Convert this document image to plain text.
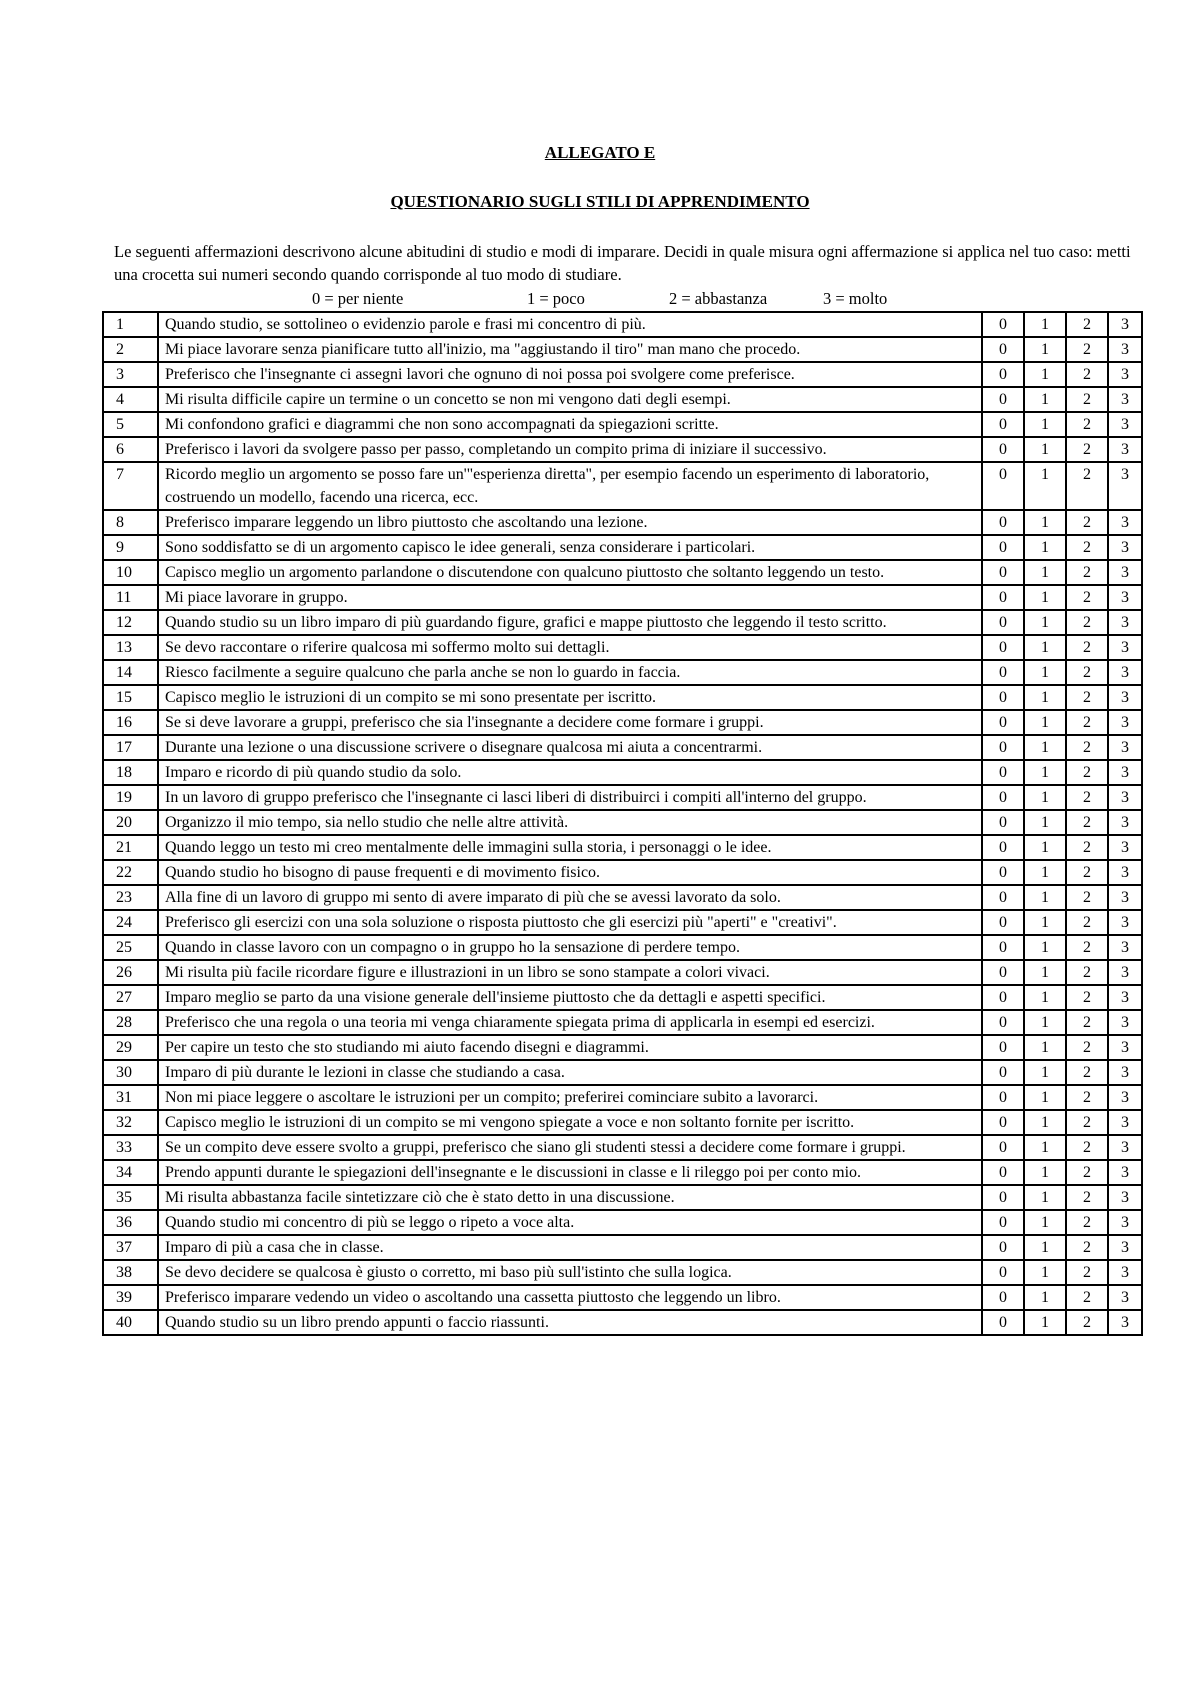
ALLEGATO E
QUESTIONARIO SUGLI STILI DI APPRENDIMENTO
Le seguenti affermazioni descrivono alcune abitudini di studio e modi di imparare. Decidi in quale misura ogni affermazione si applica nel tuo caso: metti una crocetta sui numeri secondo quando corrisponde al tuo modo di studiare.
0 = per niente	1 = poco	2 = abbastanza	3 = molto
1	Quando studio, se sottolineo o evidenzio parole e frasi mi concentro di più.	0	1	2	3
2	Mi piace lavorare senza pianificare tutto all'inizio, ma "aggiustando il tiro" man mano che procedo.	0	1	2	3
3	Preferisco che l'insegnante ci assegni lavori che ognuno di noi possa poi svolgere come preferisce.	0	1	2	3
4	Mi risulta difficile capire un termine o un concetto se non mi vengono dati degli esempi.	0	1	2	3
5	Mi confondono grafici e diagrammi che non sono accompagnati da spiegazioni scritte.	0	1	2	3
6	Preferisco i lavori da svolgere passo per passo, completando un compito prima di iniziare il successivo.	0	1	2	3
7	Ricordo meglio un argomento se posso fare un'"esperienza diretta", per esempio facendo un esperimento di laboratorio, costruendo un modello, facendo una ricerca, ecc.	0	1	2	3
8	Preferisco imparare leggendo un libro piuttosto che ascoltando una lezione.	0	1	2	3
9	Sono soddisfatto se di un argomento capisco le idee generali, senza considerare i particolari.	0	1	2	3
10	Capisco meglio un argomento parlandone o discutendone con qualcuno piuttosto che soltanto leggendo un testo.	0	1	2	3
11	Mi piace lavorare in gruppo.	0	1	2	3
12	Quando studio su un libro imparo di più guardando figure, grafici e mappe piuttosto che leggendo il testo scritto.	0	1	2	3
13	Se devo raccontare o riferire qualcosa mi soffermo molto sui dettagli.	0	1	2	3
14	Riesco facilmente a seguire qualcuno che parla anche se non lo guardo in faccia.	0	1	2	3
15	Capisco meglio le istruzioni di un compito se mi sono presentate per iscritto.	0	1	2	3
16	Se si deve lavorare a gruppi, preferisco che sia l'insegnante a decidere come formare i gruppi.	0	1	2	3
17	Durante una lezione o una discussione scrivere o disegnare qualcosa mi aiuta a concentrarmi.	0	1	2	3
18	Imparo e ricordo di più quando studio da solo.	0	1	2	3
19	In un lavoro di gruppo preferisco che l'insegnante ci lasci liberi di distribuirci i compiti all'interno del gruppo.	0	1	2	3
20	Organizzo il mio tempo, sia nello studio che nelle altre attività.	0	1	2	3
21	Quando leggo un testo mi creo mentalmente delle immagini sulla storia, i personaggi o le idee.	0	1	2	3
22	Quando studio ho bisogno di pause frequenti e di movimento fisico.	0	1	2	3
23	Alla fine di un lavoro di gruppo mi sento di avere imparato di più che se avessi lavorato da solo.	0	1	2	3
24	Preferisco gli esercizi con una sola soluzione o risposta piuttosto che gli esercizi più "aperti" e "creativi".	0	1	2	3
25	Quando in classe lavoro con un compagno o in gruppo ho la sensazione di perdere tempo.	0	1	2	3
26	Mi risulta più facile ricordare figure e illustrazioni in un libro se sono stampate a colori vivaci.	0	1	2	3
27	Imparo meglio se parto da una visione generale dell'insieme piuttosto che da dettagli e aspetti specifici.	0	1	2	3
28	Preferisco che una regola o una teoria mi venga chiaramente spiegata prima di applicarla in esempi ed esercizi.	0	1	2	3
29	Per capire un testo che sto studiando mi aiuto facendo disegni e diagrammi.	0	1	2	3
30	Imparo di più durante le lezioni in classe che studiando a casa.	0	1	2	3
31	Non mi piace leggere o ascoltare le istruzioni per un compito; preferirei cominciare subito a lavorarci.	0	1	2	3
32	Capisco meglio le istruzioni di un compito se mi vengono spiegate a voce e non soltanto fornite per iscritto.	0	1	2	3
33	Se un compito deve essere svolto a gruppi, preferisco che siano gli studenti stessi a decidere come formare i gruppi.	0	1	2	3
34	Prendo appunti durante le spiegazioni dell'insegnante e le discussioni in classe e li rileggo poi per conto mio.	0	1	2	3
35	Mi risulta abbastanza facile sintetizzare ciò che è stato detto in una discussione.	0	1	2	3
36	Quando studio mi concentro di più se leggo o ripeto a voce alta.	0	1	2	3
37	Imparo di più a casa che in classe.	0	1	2	3
38	Se devo decidere se qualcosa è giusto o corretto, mi baso più sull'istinto che sulla logica.	0	1	2	3
39	Preferisco imparare vedendo un video o ascoltando una cassetta piuttosto che leggendo un libro.	0	1	2	3
40	Quando studio su un libro prendo appunti o faccio riassunti.	0	1	2	3
